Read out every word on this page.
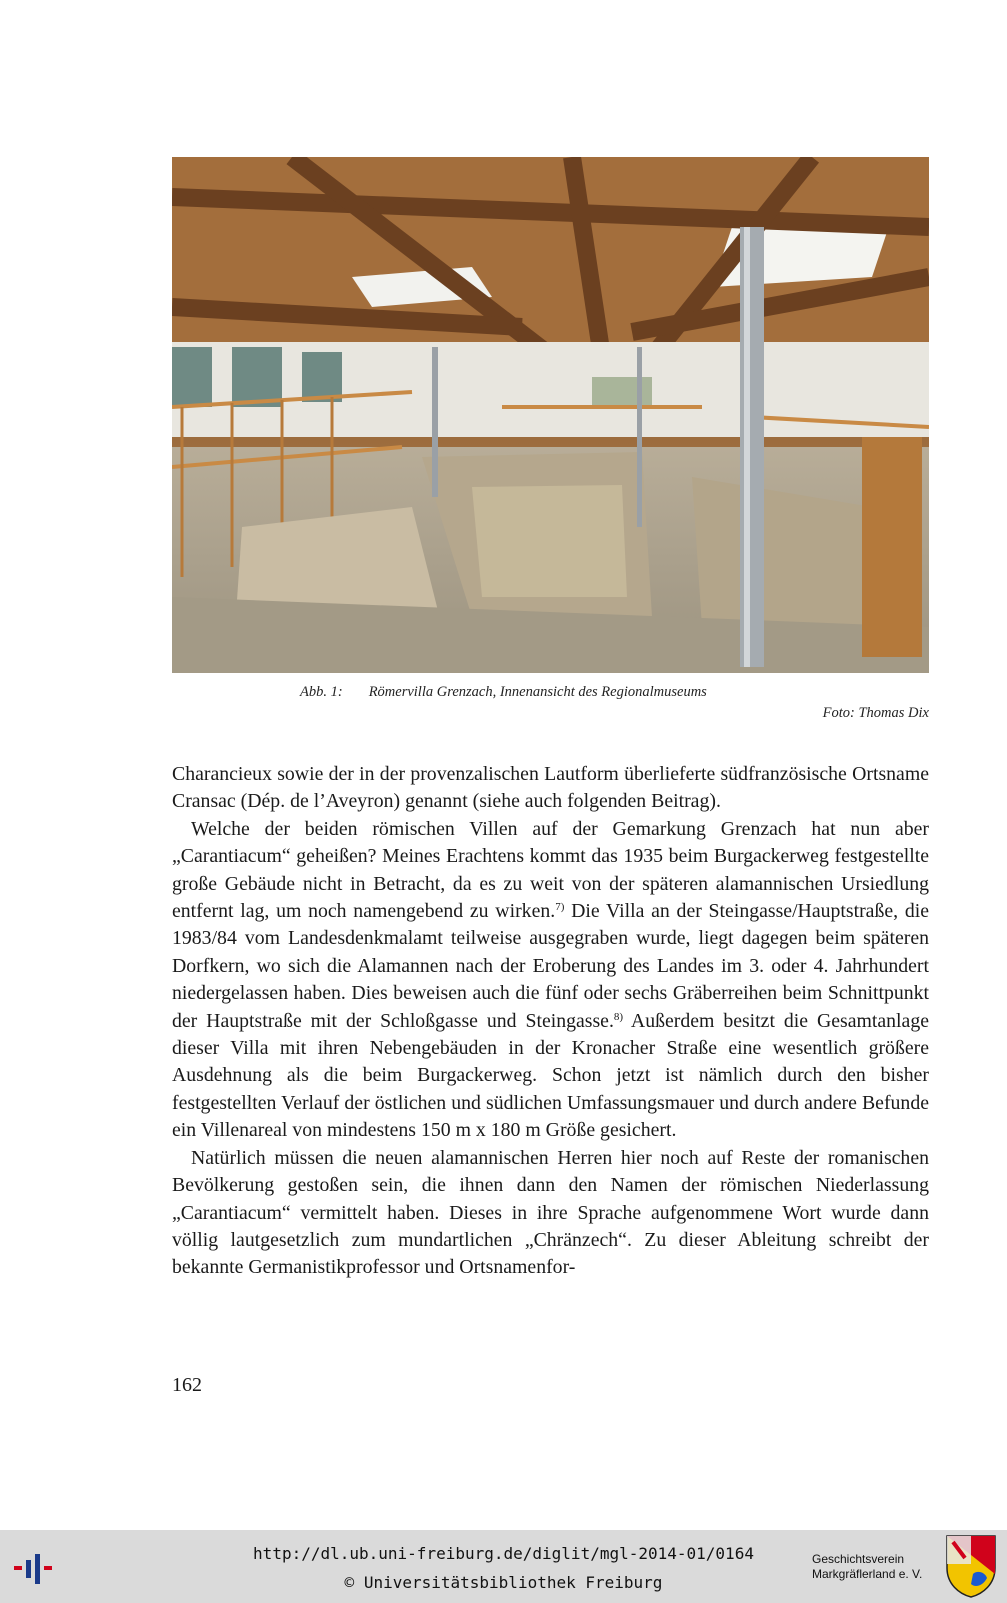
Abb. 1: Römervilla Grenzach, Innenansicht des Regionalmuseums
Foto: Thomas Dix

Charancieux sowie der in der provenzalischen Lautform überlieferte südfranzösische Ortsname Cransac (Dép. de l’Aveyron) genannt (siehe auch folgenden Beitrag).

Welche der beiden römischen Villen auf der Gemarkung Grenzach hat nun aber „Carantiacum“ geheißen? Meines Erachtens kommt das 1935 beim Burgackerweg festgestellte große Gebäude nicht in Betracht, da es zu weit von der späteren alamannischen Ursiedlung entfernt lag, um noch namengebend zu wirken.$^{7)}$ Die Villa an der Steingasse/Hauptstraße, die 1983/84 vom Landesdenkmalamt teilweise ausgegraben wurde, liegt dagegen beim späteren Dorfkern, wo sich die Alamannen nach der Eroberung des Landes im 3. oder 4. Jahrhundert niedergelassen haben. Dies beweisen auch die fünf oder sechs Gräberreihen beim Schnittpunkt der Hauptstraße mit der Schloßgasse und Steingasse.$^{8)}$ Außerdem besitzt die Gesamtanlage dieser Villa mit ihren Nebengebäuden in der Kronacher Straße eine wesentlich größere Ausdehnung als die beim Burgackerweg. Schon jetzt ist nämlich durch den bisher festgestellten Verlauf der östlichen und südlichen Umfassungsmauer und durch andere Befunde ein Villenareal von mindestens 150 m x 180 m Größe gesichert.

Natürlich müssen die neuen alamannischen Herren hier noch auf Reste der romanischen Bevölkerung gestoßen sein, die ihnen dann den Namen der römischen Niederlassung „Carantiacum“ vermittelt haben. Dieses in ihre Sprache aufgenommene Wort wurde dann völlig lautgesetzlich zum mundartlichen „Chränzech“. Zu dieser Ableitung schreibt der bekannte Germanistikprofessor und Ortsnamenfor-

162
http://dl.ub.uni-freiburg.de/diglit/mgl-2014-01/0164
© Universitätsbibliothek Freiburg
Geschichtsverein
Markgräflerland e. V.
